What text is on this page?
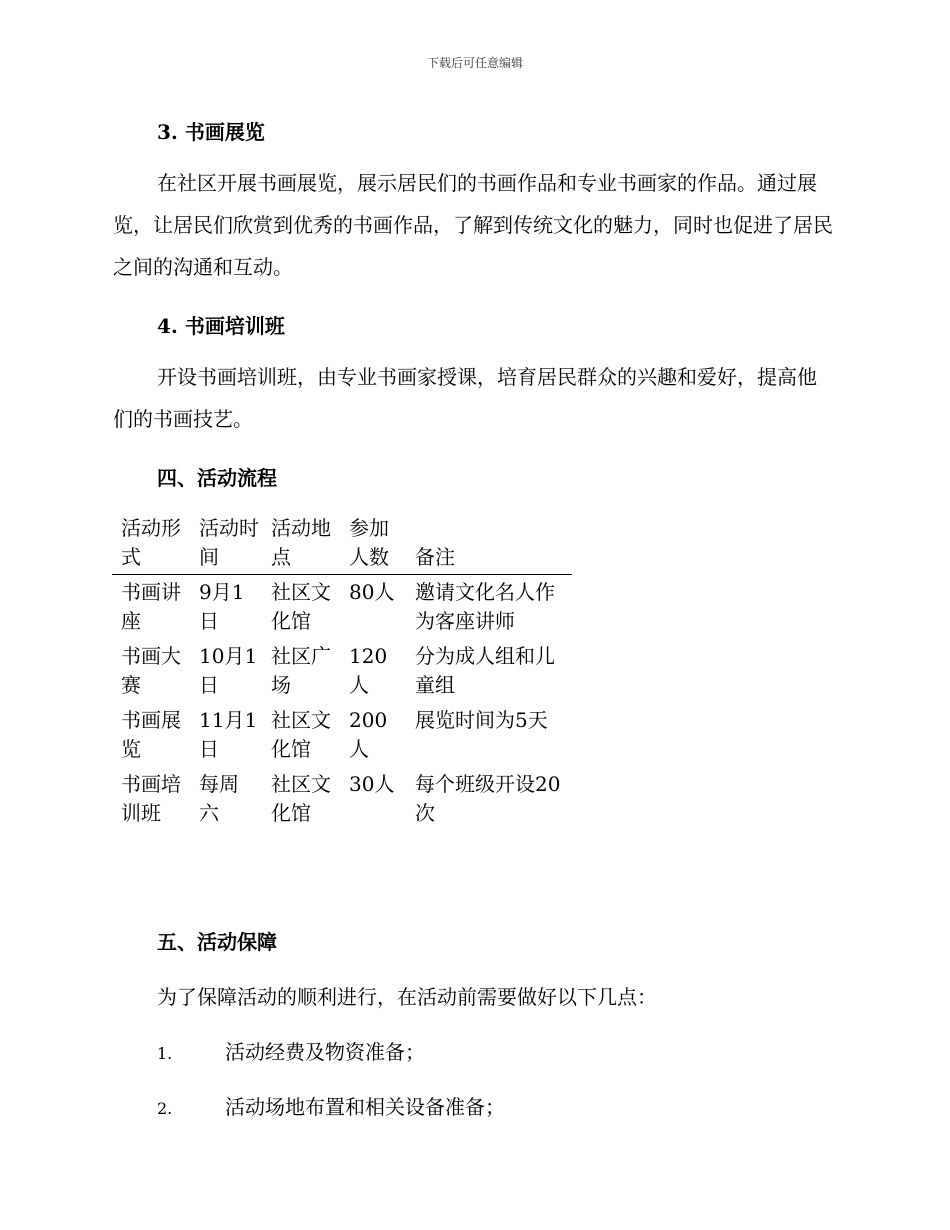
下载后可任意编辑
3. 书画展览

在社区开展书画展览，展示居民们的书画作品和专业书画家的作品。通过展览，让居民们欣赏到优秀的书画作品，了解到传统文化的魅力，同时也促进了居民之间的沟通和互动。

4. 书画培训班

开设书画培训班，由专业书画家授课，培育居民群众的兴趣和爱好，提高他们的书画技艺。

四、活动流程
活动形式	活动时间	活动地点	参加人数	备注
书画讲座	9月1日	社区文化馆	80人	邀请文化名人作为客座讲师
书画大赛	10月1日	社区广场	120人	分为成人组和儿童组
书画展览	11月1日	社区文化馆	200人	展览时间为5天
书画培训班	每周六	社区文化馆	30人	每个班级开设20次
五、活动保障

为了保障活动的顺利进行，在活动前需要做好以下几点：

1.	活动经费及物资准备；

2.	活动场地布置和相关设备准备；
